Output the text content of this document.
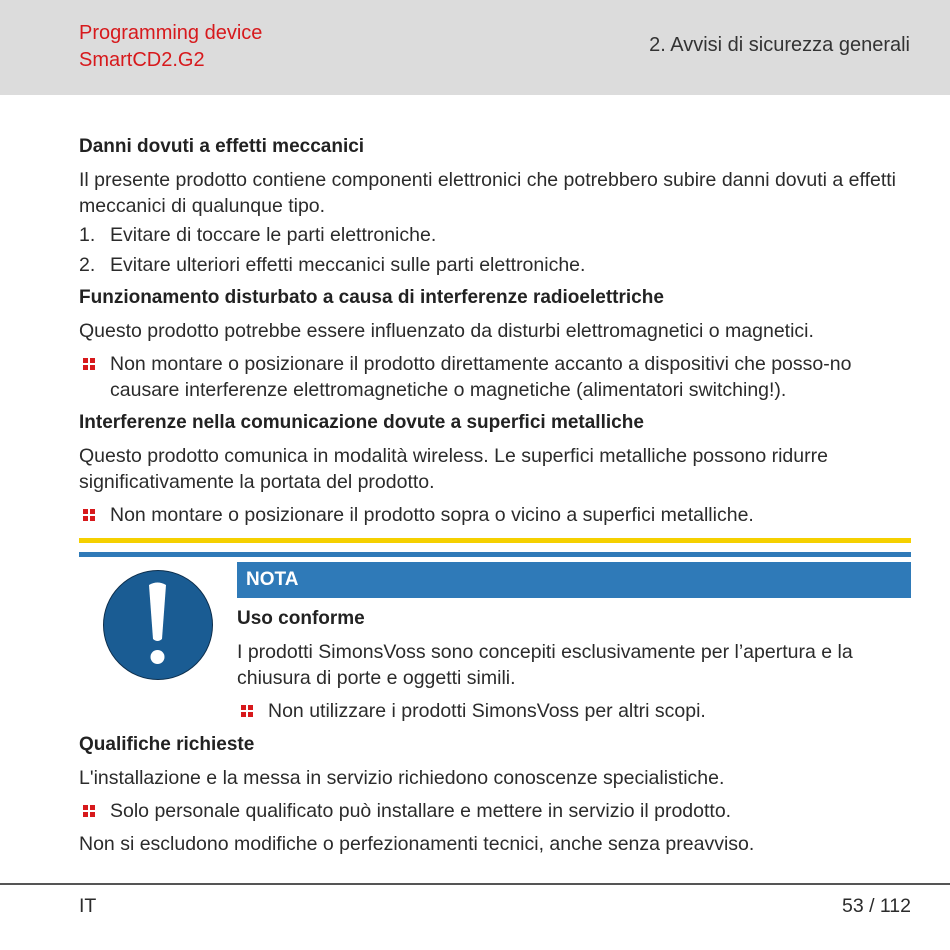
Programming device
SmartCD2.G2
2. Avvisi di sicurezza generali

Danni dovuti a effetti meccanici

Il presente prodotto contiene componenti elettronici che potrebbero subire danni dovuti a effetti meccanici di qualunque tipo.

1. Evitare di toccare le parti elettroniche.
2. Evitare ulteriori effetti meccanici sulle parti elettroniche.

Funzionamento disturbato a causa di interferenze radioelettriche

Questo prodotto potrebbe essere influenzato da disturbi elettromagnetici o magnetici.

Non montare o posizionare il prodotto direttamente accanto a dispositivi che posso-no causare interferenze elettromagnetiche o magnetiche (alimentatori switching!).

Interferenze nella comunicazione dovute a superfici metalliche

Questo prodotto comunica in modalità wireless. Le superfici metalliche possono ridurre significativamente la portata del prodotto.

Non montare o posizionare il prodotto sopra o vicino a superfici metalliche.
NOTA

Uso conforme

I prodotti SimonsVoss sono concepiti esclusivamente per l’apertura e la chiusura di porte e oggetti simili.

Non utilizzare i prodotti SimonsVoss per altri scopi.

Qualifiche richieste

L'installazione e la messa in servizio richiedono conoscenze specialistiche.

Solo personale qualificato può installare e mettere in servizio il prodotto.

Non si escludono modifiche o perfezionamenti tecnici, anche senza preavviso.

IT	53 / 112
